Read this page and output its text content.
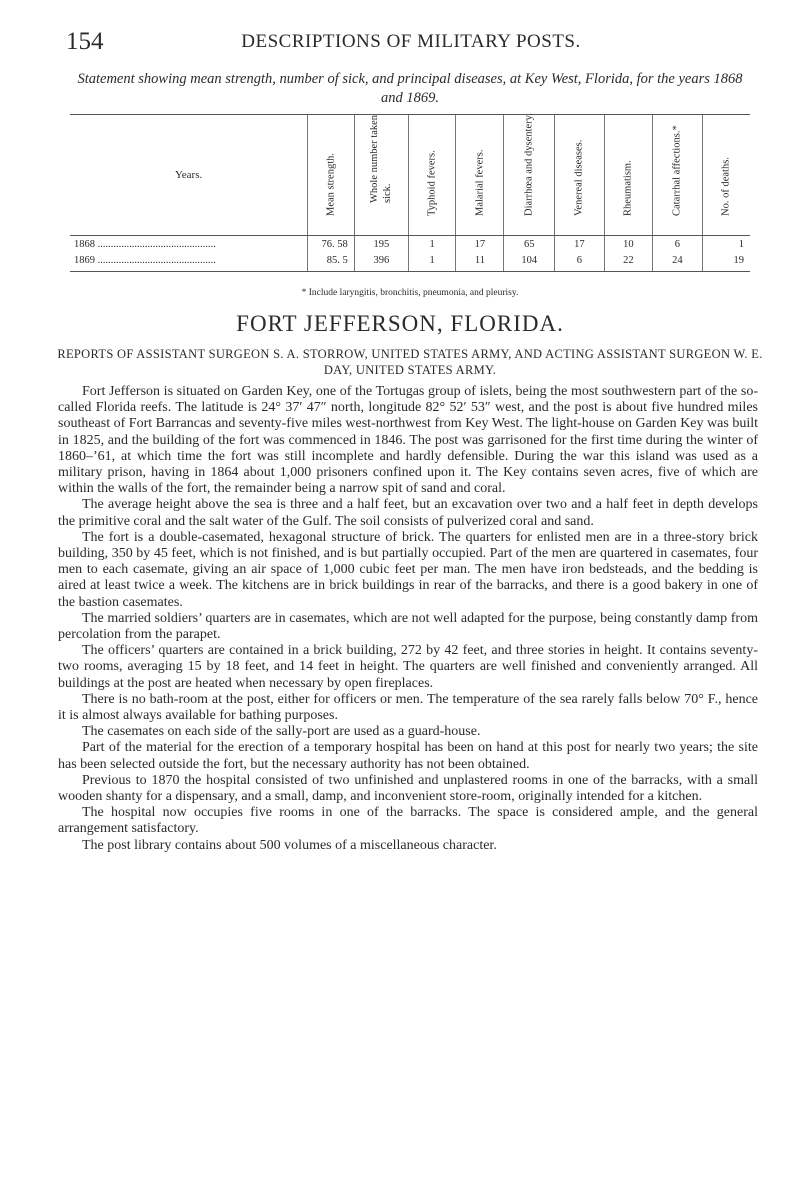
154	DESCRIPTIONS OF MILITARY POSTS.
Statement showing mean strength, number of sick, and principal diseases, at Key West, Florida, for the years 1868 and 1869.
Years.	Mean strength.	Whole number taken sick.	Typhoid fevers.	Malarial fevers.	Diarrhœa and dysentery.	Venereal diseases.	Rheumatism.	Catarrhal affections.*	No. of deaths.

1868 .............................................	76. 58	195	1	17	65	17	10	6	1
1869 .............................................	85. 5	396	1	11	104	6	22	24	19
* Include laryngitis, bronchitis, pneumonia, and pleurisy.
FORT JEFFERSON, FLORIDA.
REPORTS OF ASSISTANT SURGEON S. A. STORROW, UNITED STATES ARMY, AND ACTING ASSISTANT SURGEON W. E. DAY, UNITED STATES ARMY.

Fort Jefferson is situated on Garden Key, one of the Tortugas group of islets, being the most southwestern part of the so-called Florida reefs. The latitude is 24° 37′ 47″ north, longitude 82° 52′ 53″ west, and the post is about five hundred miles southeast of Fort Barrancas and seventy-five miles west-northwest from Key West. The light-house on Garden Key was built in 1825, and the building of the fort was commenced in 1846. The post was garrisoned for the first time during the winter of 1860–’61, at which time the fort was still incomplete and hardly defensible. During the war this island was used as a military prison, having in 1864 about 1,000 prisoners confined upon it. The Key contains seven acres, five of which are within the walls of the fort, the remainder being a narrow spit of sand and coral.

The average height above the sea is three and a half feet, but an excavation over two and a half feet in depth develops the primitive coral and the salt water of the Gulf. The soil consists of pulverized coral and sand.

The fort is a double-casemated, hexagonal structure of brick. The quarters for enlisted men are in a three-story brick building, 350 by 45 feet, which is not finished, and is but partially occupied. Part of the men are quartered in casemates, four men to each casemate, giving an air space of 1,000 cubic feet per man. The men have iron bedsteads, and the bedding is aired at least twice a week. The kitchens are in brick buildings in rear of the barracks, and there is a good bakery in one of the bastion casemates.

The married soldiers’ quarters are in casemates, which are not well adapted for the purpose, being constantly damp from percolation from the parapet.

The officers’ quarters are contained in a brick building, 272 by 42 feet, and three stories in height. It contains seventy-two rooms, averaging 15 by 18 feet, and 14 feet in height. The quarters are well finished and conveniently arranged. All buildings at the post are heated when necessary by open fireplaces.

There is no bath-room at the post, either for officers or men. The temperature of the sea rarely falls below 70° F., hence it is almost always available for bathing purposes.

The casemates on each side of the sally-port are used as a guard-house.

Part of the material for the erection of a temporary hospital has been on hand at this post for nearly two years; the site has been selected outside the fort, but the necessary authority has not been obtained.

Previous to 1870 the hospital consisted of two unfinished and unplastered rooms in one of the barracks, with a small wooden shanty for a dispensary, and a small, damp, and inconvenient store-room, originally intended for a kitchen.

The hospital now occupies five rooms in one of the barracks. The space is considered ample, and the general arrangement satisfactory.

The post library contains about 500 volumes of a miscellaneous character.
